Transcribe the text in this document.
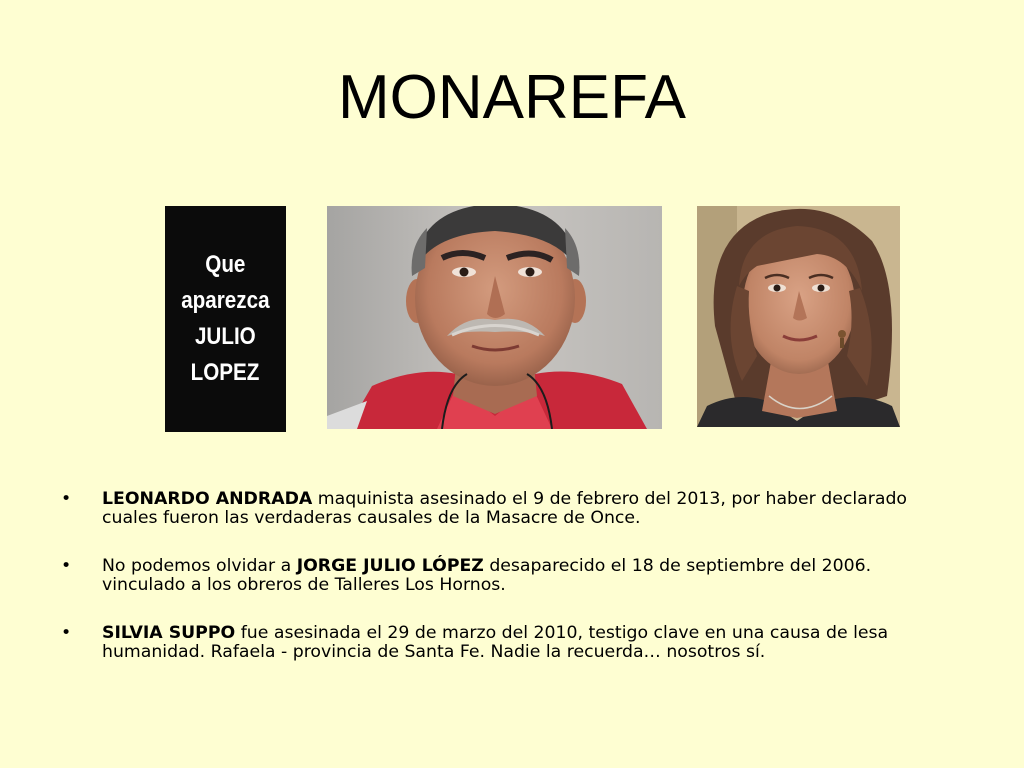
MONAREFA
Que
aparezca
JULIO
LOPEZ
• LEONARDO ANDRADA maquinista asesinado el 9 de febrero del 2013, por haber declarado cuales fueron las verdaderas causales de la Masacre de Once.
• No podemos olvidar a JORGE JULIO LÓPEZ desaparecido el 18 de septiembre del 2006. vinculado a los obreros de Talleres Los Hornos.
• SILVIA SUPPO fue asesinada el 29 de marzo del 2010, testigo clave en una causa de lesa humanidad. Rafaela - provincia de Santa Fe. Nadie la recuerda… nosotros sí.
